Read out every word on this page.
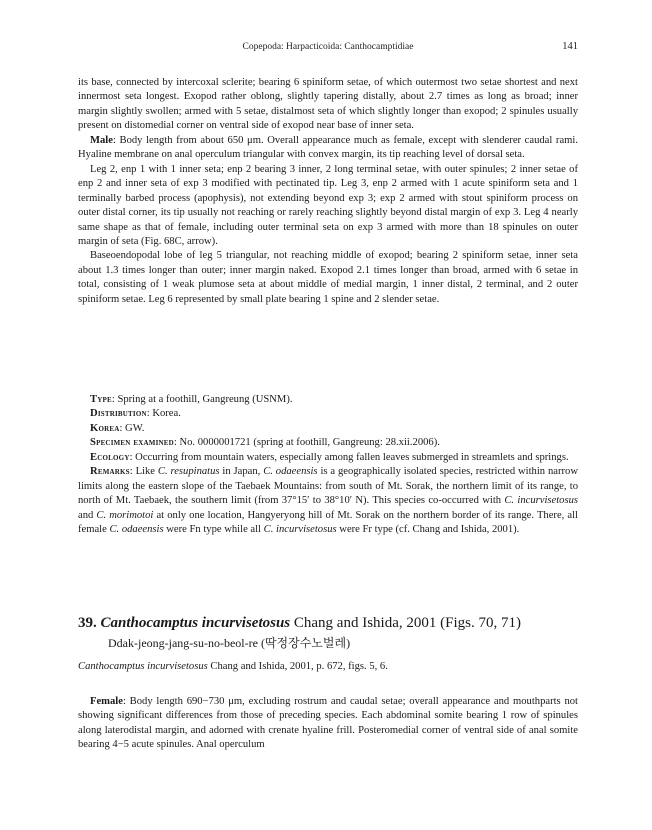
Copepoda: Harpacticoida: Canthocamptidiae	141

its base, connected by intercoxal sclerite; bearing 6 spiniform setae, of which outermost two setae shortest and next innermost seta longest. Exopod rather oblong, slightly tapering distally, about 2.7 times as long as broad; inner margin slightly swollen; armed with 5 setae, distalmost seta of which slightly longer than exopod; 2 spinules usually present on distomedial corner on ventral side of exopod near base of inner seta.

Male: Body length from about 650 μm. Overall appearance much as female, except with slenderer caudal rami. Hyaline membrane on anal operculum triangular with convex margin, its tip reaching level of dorsal seta.

Leg 2, enp 1 with 1 inner seta; enp 2 bearing 3 inner, 2 long terminal setae, with outer spinules; 2 inner setae of enp 2 and inner seta of exp 3 modified with pectinated tip. Leg 3, enp 2 armed with 1 acute spiniform seta and 1 terminally barbed process (apophysis), not extending beyond exp 3; exp 2 armed with stout spiniform process on outer distal corner, its tip usually not reaching or rarely reaching slightly beyond distal margin of exp 3. Leg 4 nearly same shape as that of female, including outer terminal seta on exp 3 armed with more than 18 spinules on outer margin of seta (Fig. 68C, arrow).

Baseoendopodal lobe of leg 5 triangular, not reaching middle of exopod; bearing 2 spiniform setae, inner seta about 1.3 times longer than outer; inner margin naked. Exopod 2.1 times longer than broad, armed with 6 setae in total, consisting of 1 weak plumose seta at about middle of medial margin, 1 inner distal, 2 terminal, and 2 outer spiniform setae. Leg 6 represented by small plate bearing 1 spine and 2 slender setae.

Type: Spring at a foothill, Gangreung (USNM).

Distribution: Korea.

Korea: GW.

Specimen examined: No. 0000001721 (spring at foothill, Gangreung: 28.xii.2006).

Ecology: Occurring from mountain waters, especially among fallen leaves submerged in streamlets and springs.

Remarks: Like C. resupinatus in Japan, C. odaeensis is a geographically isolated species, restricted within narrow limits along the eastern slope of the Taebaek Mountains: from south of Mt. Sorak, the northern limit of its range, to north of Mt. Taebaek, the southern limit (from 37°15′ to 38°10′ N). This species co-occurred with C. incurvisetosus and C. morimotoi at only one location, Hangyeryong hill of Mt. Sorak on the northern border of its range. There, all female C. odaeensis were Fn type while all C. incurvisetosus were Fr type (cf. Chang and Ishida, 2001).

39. Canthocamptus incurvisetosus Chang and Ishida, 2001 (Figs. 70, 71)
Ddak-jeong-jang-su-no-beol-re (딱정장수노벌레)
Canthocamptus incurvisetosus Chang and Ishida, 2001, p. 672, figs. 5, 6.

Female: Body length 690−730 μm, excluding rostrum and caudal setae; overall appearance and mouthparts not showing significant differences from those of preceding species. Each abdominal somite bearing 1 row of spinules along laterodistal margin, and adorned with crenate hyaline frill. Posteromedial corner of ventral side of anal somite bearing 4−5 acute spinules. Anal operculum
